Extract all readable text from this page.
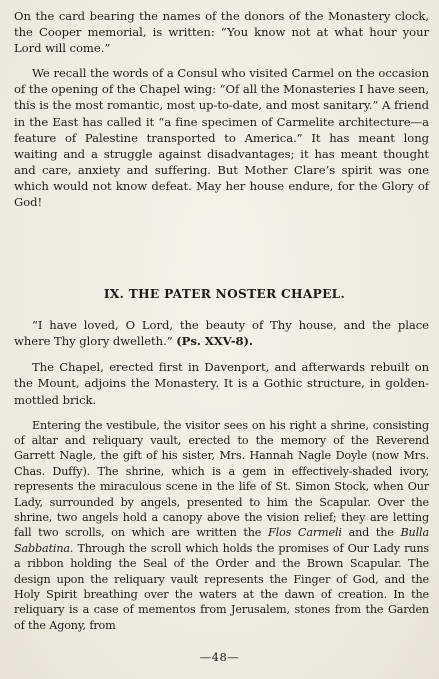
On the card bearing the names of the donors of the Monastery clock, the Cooper memorial, is written: “You know not at what hour your Lord will come.”

We recall the words of a Consul who visited Carmel on the occasion of the opening of the Chapel wing: “Of all the Monasteries I have seen, this is the most romantic, most up-to-date, and most sanitary.” A friend in the East has called it “a fine specimen of Carmelite architecture—a feature of Palestine transported to America.” It has meant long waiting and a struggle against disadvantages; it has meant thought and care, anxiety and suffering. But Mother Clare’s spirit was one which would not know defeat. May her house endure, for the Glory of God!

IX. THE PATER NOSTER CHAPEL.

“I have loved, O Lord, the beauty of Thy house, and the place where Thy glory dwelleth.” (Ps. XXV-8).

The Chapel, erected first in Davenport, and afterwards rebuilt on the Mount, adjoins the Monastery. It is a Gothic structure, in golden-mottled brick.

Entering the vestibule, the visitor sees on his right a shrine, consisting of altar and reliquary vault, erected to the memory of the Reverend Garrett Nagle, the gift of his sister, Mrs. Hannah Nagle Doyle (now Mrs. Chas. Duffy). The shrine, which is a gem in effectively-shaded ivory, represents the miraculous scene in the life of St. Simon Stock, when Our Lady, surrounded by angels, presented to him the Scapular. Over the shrine, two angels hold a canopy above the vision relief; they are letting fall two scrolls, on which are written the Flos Carmeli and the Bulla Sabbatina. Through the scroll which holds the promises of Our Lady runs a ribbon holding the Seal of the Order and the Brown Scapular. The design upon the reliquary vault represents the Finger of God, and the Holy Spirit breathing over the waters at the dawn of creation. In the reliquary is a case of mementos from Jerusalem, stones from the Garden of the Agony, from

—48—
